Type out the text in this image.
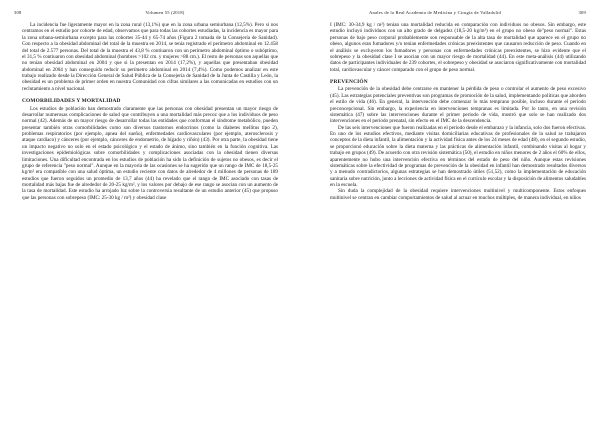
308	Volumen 55 (2018)

La incidencia fue ligeramente mayor en la zona rural (13,1%) que en la zona urbana semiurbana (12,5%). Pero si nos centramos en el estudio por cohorte de edad, observamos que para todas las cohortes estudiadas, la incidencia es mayor para la zona urbana-semiurbana excepto para las cohortes 35-44 y 65-74 años (Figura 2 tomada de la Consejería de Sanidad). Con respecto a la obesidad abdominal del total de la muestra en 2014, se tenía registrado el perímetro abdominal en 12.458 del total de 2.577 personas. Del total de la muestra el 43,8 % contiuaron con un perímetro abdominal óptimo o subóptimo, el 31,5 % contiuaron con obesidad abdominal (hombres >102 cm. y mujeres >88 cm.). El resto de personas son aquellas que no tenían obesidad abdominal en 2004 y que si la presentan en 2014 (17,2%), y aquellas que presentaban obesidad abdominal en 2004 y han conseguido reducir su perímetro abdominal en 2014 (7,4%). Como podemos analizar en este trabajo realizado desde la Dirección General de Salud Pública de la Consejería de Sanidad de la Junta de Castilla y León, la obesidad es un problema de primer orden en nuestra Comunidad con cifras similares a las comunicadas en estudios con un reclutamiento a nivel nacional.

COMORBILIDADES Y MORTALIDAD

Los estudios de población han demostrado claramente que las personas con obesidad presentan un mayor riesgo de desarrollar numerosas complicaciones de salud que contribuyen a una mortalidad más precoz que a los individuos de peso normal (42). Además de un mayor riesgo de desarrollar todas las entidades que conforman el síndrome metabólico, pueden presentar también otras comorbilidades como son diversos trastornos endocrinos (como la diabetes mellitus tipo 2), problemas respiratorios (por ejemplo, apnea del sueño), enfermedades cardiovasculares (por ejemplo, aterosclerosis y ataque cardíaco) y cánceres (por ejemplo, cánceres de endometrio, de hígado y riñón) (43). Por otra parte, la obesidad tiene un impacto negativo no solo en el estado psicológico y el estado de ánimo, sino también en la función cognitiva. Las investigaciones epidemiológicas sobre comorbilidades y complicaciones asociadas con la obesidad tienen diversas limitaciones. Una dificultad encontrada en los estudios de población ha sido la definición de sujetos no obesos, es decir el grupo de referencia "peso normal". Aunque en la mayoría de las ocasiones se ha sugerido que un rango de IMC de 18,5-25 kg/m² era compatible con una salud óptima, un estudio reciente con datos de alrededor de 4 millones de personas de 189 estudios que fueron seguidos un promedio de 13,7 años (44) ha revelado que el rango de IMC asociado con tasas de mortalidad más bajas fue de alrededor de 20-25 kg/m², y los valores por debajo de ese rango se asocian con un aumento de la tasa de mortalidad. Este estudio ha arrojado luz sobre la controversia resultante de un estudio anterior (45) que propuso que las personas con sobrepeso (IMC: 25-30 kg / m²) y obesidad clase

Anales de la Real Academia de Medicina y Cirugía de Valladolid	309

I (IMC: 30-34,9 kg / m²) tenían una mortalidad reducida en comparación con individuos no obesos. Sin embargo, este estudio incluyó individuos con un alto grado de delgadez (18,5-20 kg/m²) en el grupo no obeso de"peso normal". Estas personas de bajo peso corporal probablemente son responsable de la alta tasa de mortalidad que aparece en el grupo no obeso, algunos eran fumadores y/o tenían enfermedades crónicas preexistentes que causaron reducción de peso. Cuando en el análisis se excluyeron los fumadores y personas con enfermedades crónicas preexistentes, se hizo evidente que el sobrepeso y la obesidad clase I se asocian con un mayor riesgo de mortalidad (44). En este meta-análisis (44) utilizando datos de participantes individuales de 239 cohortes, el sobrepeso y obesidad se asociaron significativamente con mortalidad total, cardiovascular y cáncer comparado con el grupo de peso normal.

PREVENCIÓN

La prevención de la obesidad debe centrarse en mantener la pérdida de peso o controlar el aumento de peso excesivo (45). Las estrategias potenciales preventivas son programas de promoción de la salud, implementando políticas que aborden el estilo de vida (46). En general, la intervención debe comenzar lo más temprano posible, incluso durante el período preconcepcional. Sin embargo, la experiencia en intervenciones tempranas es limitada. Por lo tanto, en una revisión sistemática (47) sobre las intervenciones durante el primer periodo de vida, mostró que solo se han realizado dos intervenciones en el período prenatal, sin efecto en el IMC de la descendencia.

De las seis intervenciones que fueron realizadas en el periodo desde el embarazo y la infancia, solo dos fueron efectivas. En uno de los estudios efectivos, mediante visitas domiciliarias educativas de profesionales de la salud se trabajaron conceptos de la dieta infantil, la alimentación y la actividad física antes de los 24 meses de edad (48), en el segundo estudio, se proporcionó educación sobre la dieta materna y las prácticas de alimentación infantil, combinando visitas al hogar y trabajo en grupos (49). De acuerdo con otra revisión sistemática (50), el estudio en niños menores de 2 años el 60% de ellos, aparentemente no hubo una intervención efectiva en términos del estado de peso del niño. Aunque estas revisiones sistemáticas sobre la efectividad de programas de prevención de la obesidad en infantil han demostrado resultados diversos y a menudo contradictorios, algunas estrategias se han demostrado útiles (51,52), como la implementación de educación sanitaria sobre nutrición, junto a lecciones de actividad física en el currículo escolar y la disposición de alimentos saludables en la escuela.

Sin duda la complejidad de la obesidad requiere intervenciones multinivel y multicomponente. Estos enfoques multinivel se centran en cambiar comportamientos de salud al actuar en muchos múltiples, de manera individual, en niños
